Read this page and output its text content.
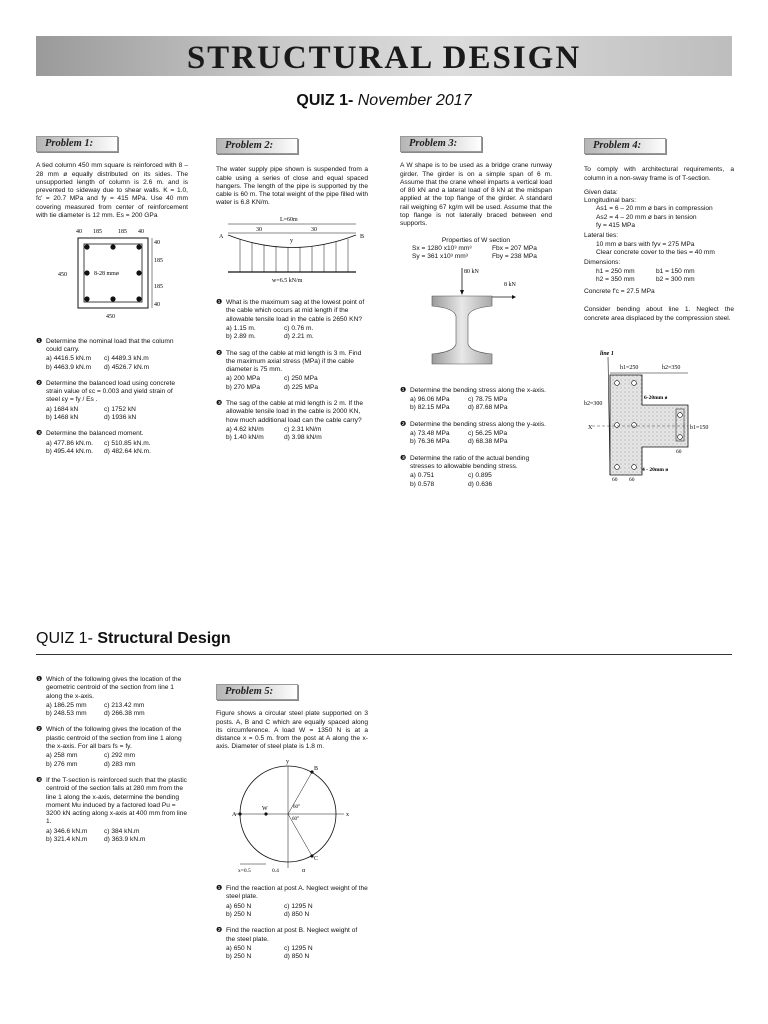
STRUCTURAL DESIGN
QUIZ 1- November 2017
Problem 1:

A tied column 450 mm square is reinforced with 8 – 28 mm ø equally distributed on its sides. The unsupported length of column is 2.6 m. and is prevented to sideway due to shear walls. K = 1.0, fc' = 20.7 MPa and fy = 415 MPa. Use 40 mm covering measured from center of reinforcement with tie diameter is 12 mm. Es = 200 GPa

40 185	185 40
8-28 mmø
40
185
185
40
450
450
❶ Determine the nominal load that the column could carry.
a) 4416.5 kN.m	c) 4489.3 kN.m
b) 4463.9 kN.m	d) 4526.7 kN.m
❷ Determine the balanced load using concrete strain value of εc = 0.003 and yield strain of steel εy = fy / Es .
a) 1684 kN	c) 1752 kN
b) 1468 kN	d) 1936 kN
❸ Determine the balanced moment.
a) 477.86 kN.m.	c) 510.85 kN.m.
b) 495.44 kN.m.	d) 482.64 kN.m.
Problem 2:

The water supply pipe shown is suspended from a cable using a series of close and equal spaced hangers. The length of the pipe is supported by the cable is 60 m. The total weight of the pipe filled with water is 6.8 KN/m.

L=60m
30	30
A	B
y
w=6.5 kN/m
❶ What is the maximum sag at the lowest point of the cable which occurs at mid length if the allowable tensile load in the cable is 2650 KN?
a) 1.15 m.	c) 0.76 m.
b) 2.89 m.	d) 2.21 m.
❷ The sag of the cable at mid length is 3 m. Find the maximum axial stress (MPa) if the cable diameter is 75 mm.
a) 200 MPa	c) 250 MPa
b) 270 MPa	d) 225 MPa
❸ The sag of the cable at mid length is 2 m. If the allowable tensile load in the cable is 2000 KN, how much additional load can the cable carry?
a) 4.62 kN/m	c) 2.31 kN/m
b) 1.40 kN/m	d) 3.98 kN/m
Problem 3:

A W shape is to be used as a bridge crane runway girder. The girder is on a simple span of 6 m. Assume that the crane wheel imparts a vertical load of 80 kN and a lateral load of 8 kN at the midspan applied at the top flange of the girder. A standard rail weighing 67 kg/m will be used. Assume that the top flange is not laterally braced between end supports.

Properties of W section
Sx = 1280 x10³ mm³	Fbx = 207 MPa
Sy = 361 x10³ mm³	Fby = 238 MPa
80 kN
8 kN
❶ Determine the bending stress along the x-axis.
a) 96.06 MPa	c) 78.75 MPa
b) 82.15 MPa	d) 87.68 MPa
❷ Determine the bending stress along the y-axis.
a) 73.48 MPa	c) 56.25 MPa
b) 76.36 MPa	d) 68.38 MPa
❸ Determine the ratio of the actual bending stresses to allowable bending stress.
a) 0.751	c) 0.895
b) 0.578	d) 0.636
Problem 4:

To comply with architectural requirements, a column in a non-sway frame is of T-section.

Given data:
Longitudinal bars:
As1 = 6 – 20 mm ø bars in compression
As2 = 4 – 20 mm ø bars in tension
fy = 415 MPa
Lateral ties:
10 mm ø bars with fyv = 275 MPa
Clear concrete cover to the ties = 40 mm
Dimensions:
h1 = 250 mm	b1 = 150 mm
h2 = 350 mm	b2 = 300 mm
Concrete f'c = 27.5 MPa

Consider bending about line 1. Neglect the concrete area displaced by the compression steel.

line 1
h1=250	h2=350
6-20mm ø
4 - 20mm ø
b2=300
b1=150
X
60 60
60
QUIZ 1- Structural Design
❶ Which of the following gives the location of the geometric centroid of the section from line 1 along the x-axis.
a) 186.25 mm	c) 213.42 mm
b) 248.53 mm	d) 266.38 mm
❷ Which of the following gives the location of the plastic centroid of the section from line 1 along the x-axis. For all bars fs = fy.
a) 258 mm	c) 292 mm
b) 276 mm	d) 283 mm
❸ If the T-section is reinforced such that the plastic centroid of the section falls at 280 mm from the line 1 along the x-axis, determine the bending moment Mu induced by a factored load Pu = 3200 kN acting along x-axis at 400 mm from line 1.
a) 346.6 kN.m	c) 384 kN.m
b) 321.4 kN.m	d) 363.9 kN.m
Problem 5:

Figure shows a circular steel plate supported on 3 posts. A, B and C which are equally spaced along its circumference. A load W = 1350 N is at a distance x = 0.5 m. from the post at A along the x-axis. Diameter of steel plate is 1.8 m.

y
x
A
B
C
W	60°
60°
x=0.5	0.4	α
❶ Find the reaction at post A. Neglect weight of the steel plate.
a) 650 N	c) 1295 N
b) 250 N	d) 850 N
❷ Find the reaction at post B. Neglect weight of the steel plate.
a) 650 N	c) 1295 N
b) 250 N	d) 850 N
